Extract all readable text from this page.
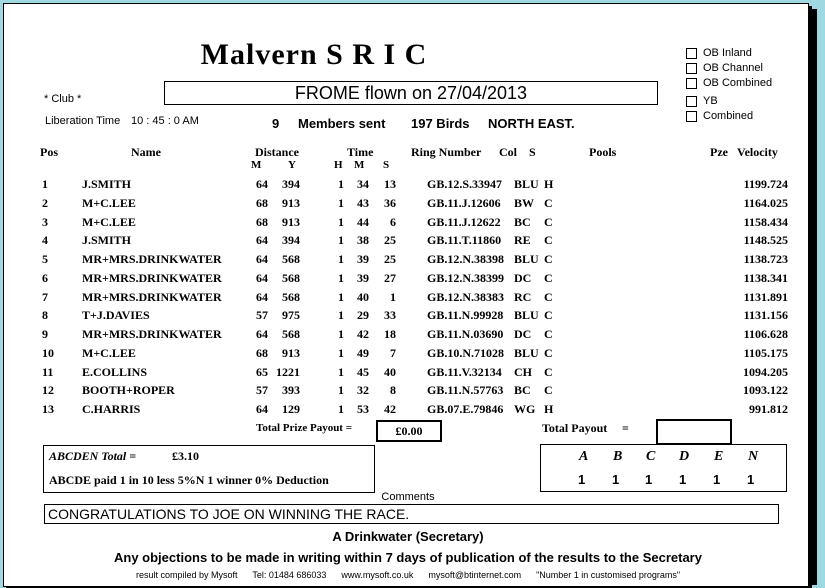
Malvern S R I C
* Club *	FROME flown on 27/04/2013
OB Inland
OB Channel
OB Combined
YB
Combined
Liberation Time 10 : 45 : 0 AM	9 Members sent 197 Birds NORTH EAST.
Pos	Name	Distance
M Y
Time
H M S
Ring Number Col S	Pools	Pze Velocity
1	J.SMITH	64	394	1	34	13	GB.12.S.33947 BLU H	1199.724
2	M+C.LEE	68	913	1	43	36	GB.11.J.12606 BW C	1164.025
3	M+C.LEE	68	913	1	44	6	GB.11.J.12622 BC C	1158.434
4	J.SMITH	64	394	1	38	25	GB.11.T.11860 RE C	1148.525
5	MR+MRS.DRINKWATER	64	568	1	39	25	GB.12.N.38398 BLU C	1138.723
6	MR+MRS.DRINKWATER	64	568	1	39	27	GB.12.N.38399 DC C	1138.341
7	MR+MRS.DRINKWATER	64	568	1	40	1	GB.12.N.38383 RC C	1131.891
8	T+J.DAVIES	57	975	1	29	33	GB.11.N.99928 BLU C	1131.156
9	MR+MRS.DRINKWATER	64	568	1	42	18	GB.11.N.03690 DC C	1106.628
10 M+C.LEE	68	913	1	49	7	GB.10.N.71028 BLU C	1105.175
11 E.COLLINS	65 1221	1	45	40	GB.11.V.32134 CH C	1094.205
12 BOOTH+ROPER	57	393	1	32	8	GB.11.N.57763 BC C	1093.122
13 C.HARRIS	64	129	1	53	42	GB.07.E.79846 WG H	991.812
Total Prize Payout =	£0.00	Total Payout =
ABCDEN Total =	£3.10
ABCDE paid 1 in 10 less 5%N 1 winner 0% Deduction
A B C D E N
1 1 1 1 1 1
Comments
CONGRATULATIONS TO JOE ON WINNING THE RACE.
A Drinkwater (Secretary)
Any objections to be made in writing within 7 days of publication of the results to the Secretary
result compiled by Mysoft      Tel: 01484 686033      www.mysoft.co.uk      mysoft@btinternet.com      "Number 1 in customised programs"
